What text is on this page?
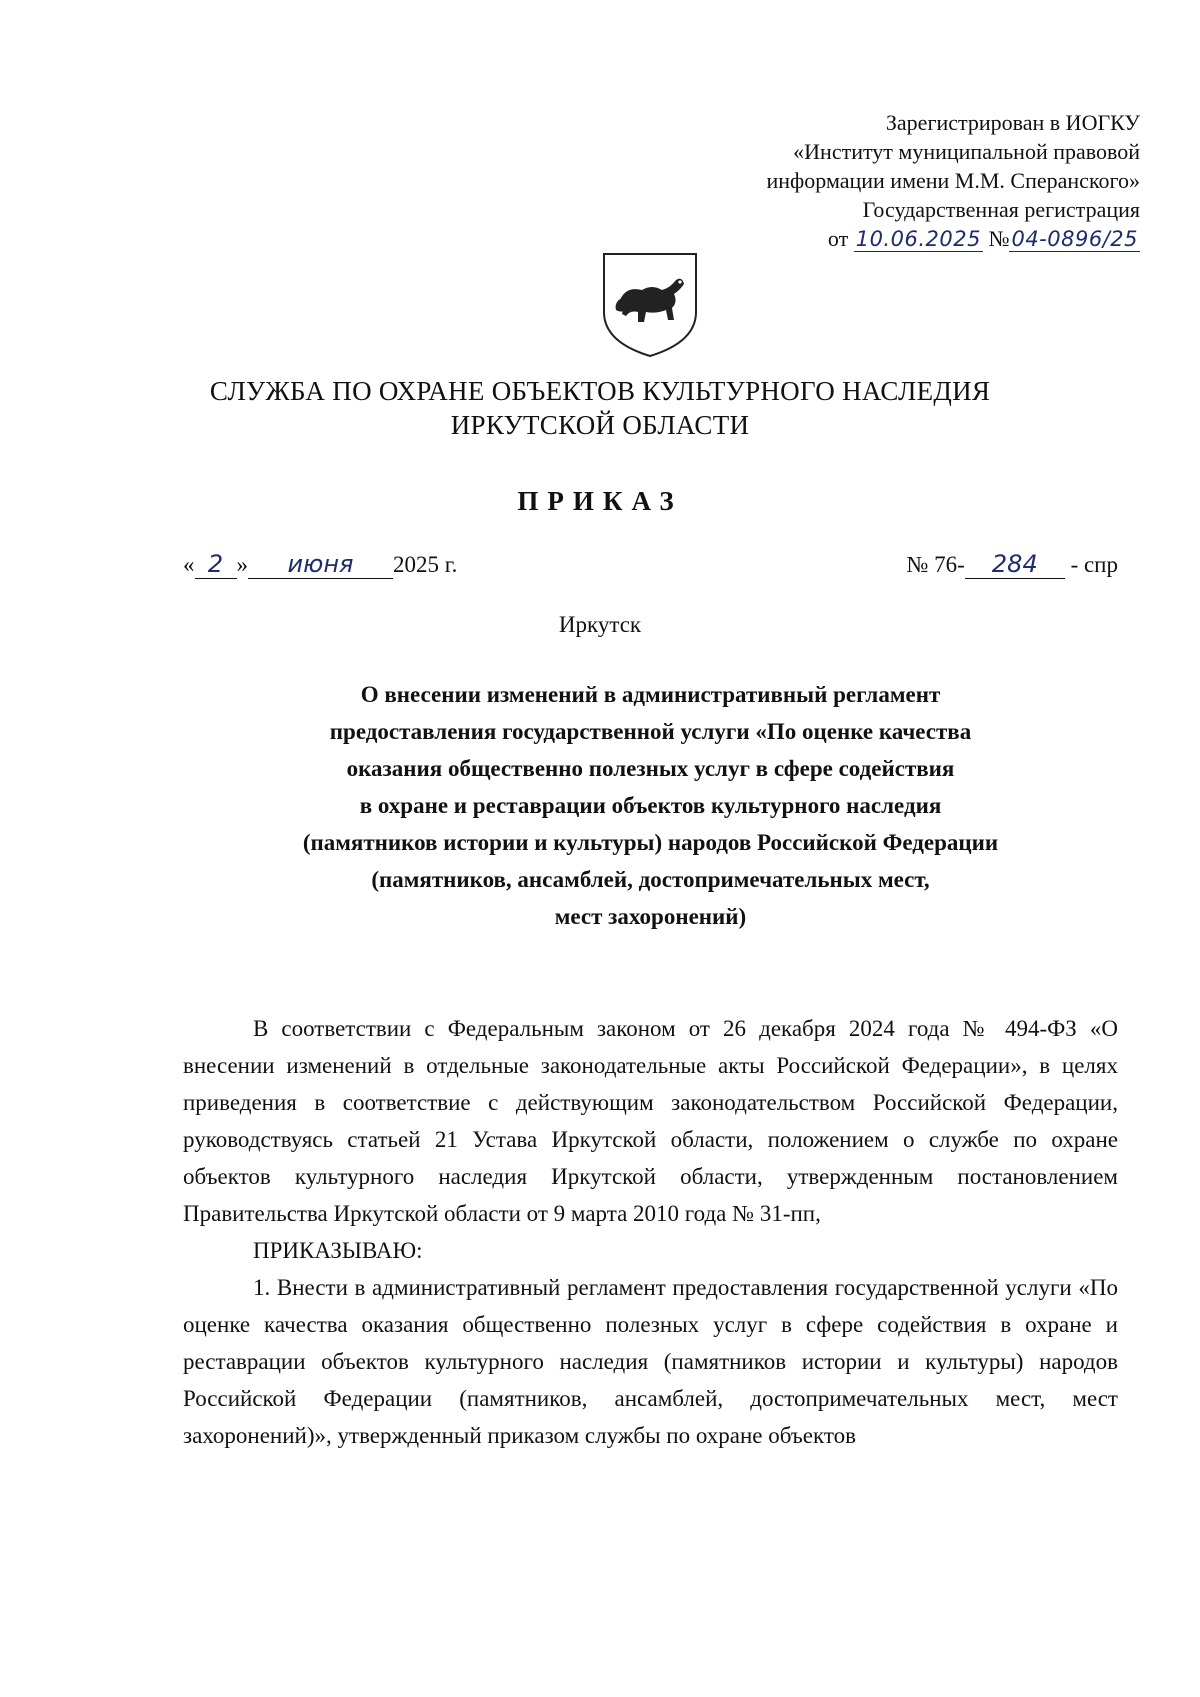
Зарегистрирован в ИОГКУ
«Институт муниципальной правовой
информации имени М.М. Сперанского»
Государственная регистрация
от 10.06.2025 №04-0896/25
СЛУЖБА ПО ОХРАНЕ ОБЪЕКТОВ КУЛЬТУРНОГО НАСЛЕДИЯ
ИРКУТСКОЙ ОБЛАСТИ
ПРИКАЗ
« 2 » июня 2025 г.	№ 76- 284 - спр
Иркутск
О внесении изменений в административный регламент
предоставления государственной услуги «По оценке качества
оказания общественно полезных услуг в сфере содействия
в охране и реставрации объектов культурного наследия
(памятников истории и культуры) народов Российской Федерации
(памятников, ансамблей, достопримечательных мест,
мест захоронений)

В соответствии с Федеральным законом от 26 декабря 2024 года № 494-ФЗ «О внесении изменений в отдельные законодательные акты Российской Федерации», в целях приведения в соответствие с действующим законодательством Российской Федерации, руководствуясь статьей 21 Устава Иркутской области, положением о службе по охране объектов культурного наследия Иркутской области, утвержденным постановлением Правительства Иркутской области от 9 марта 2010 года № 31-пп,

ПРИКАЗЫВАЮ:

1. Внести в административный регламент предоставления государственной услуги «По оценке качества оказания общественно полезных услуг в сфере содействия в охране и реставрации объектов культурного наследия (памятников истории и культуры) народов Российской Федерации (памятников, ансамблей, достопримечательных мест, мест захоронений)», утвержденный приказом службы по охране объектов
